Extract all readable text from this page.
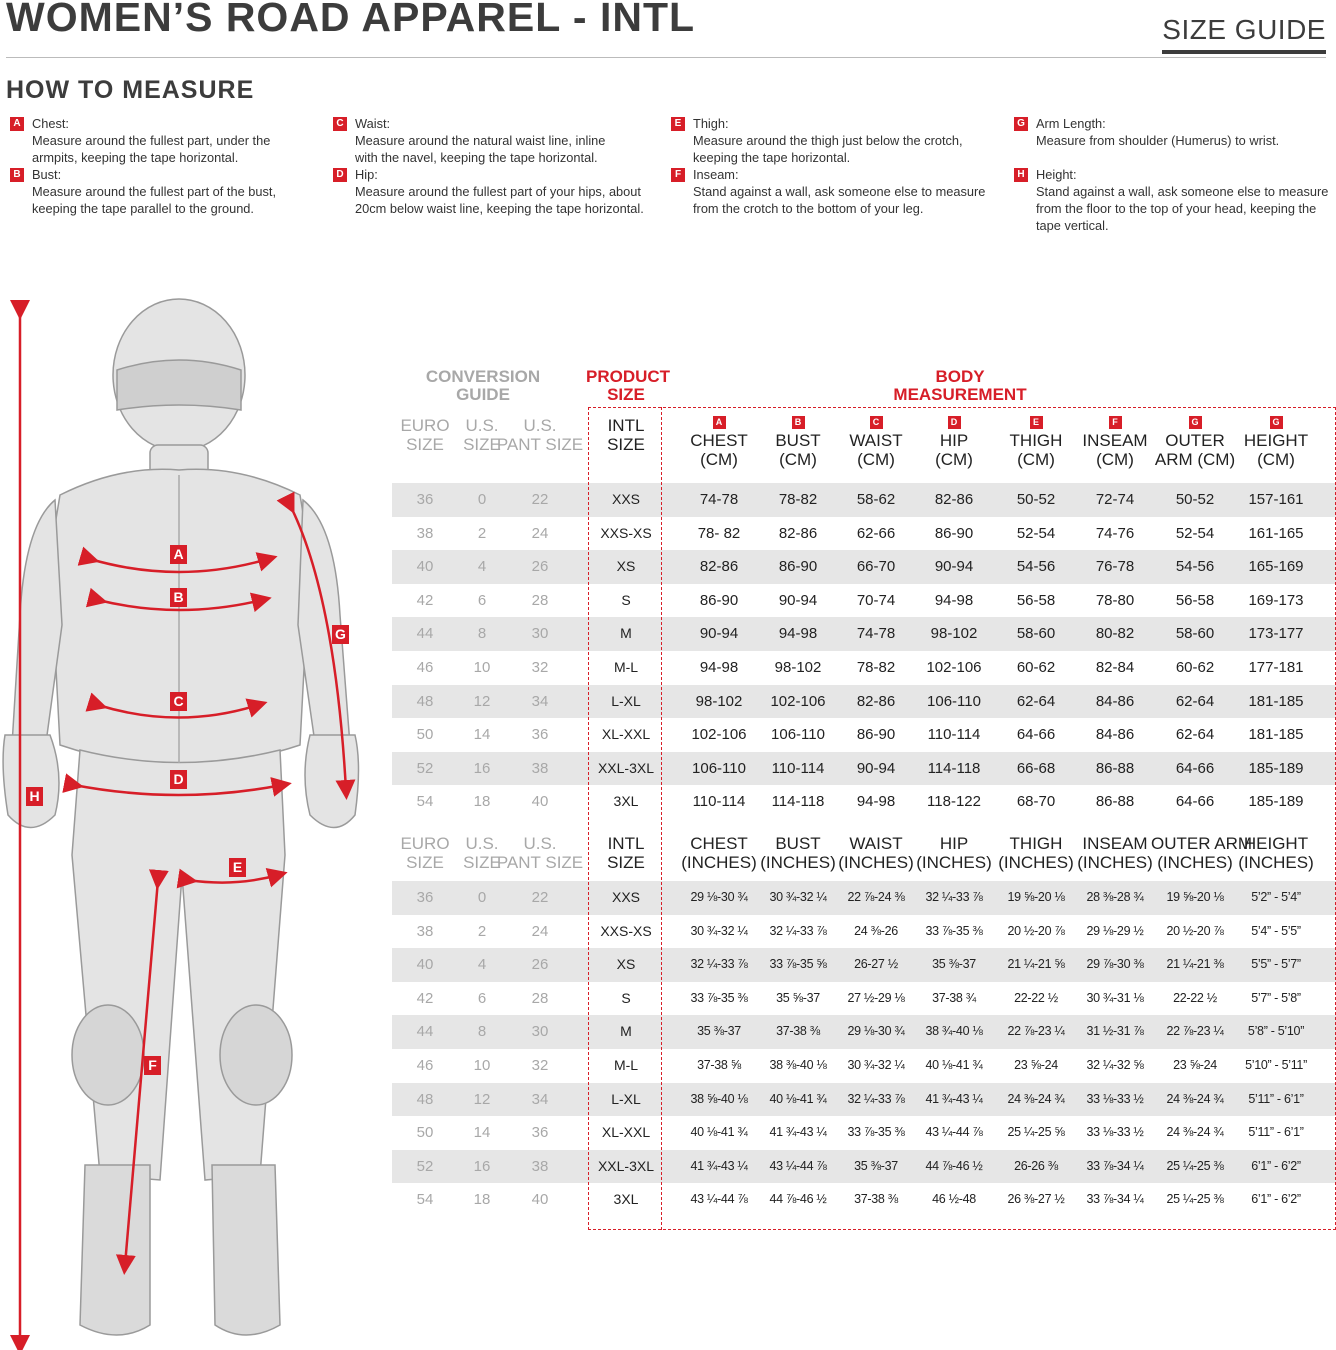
WOMEN’S ROAD APPAREL - INTL	SIZE GUIDE
HOW TO MEASURE
A Chest:
Measure around the fullest part, under the
armpits, keeping the tape horizontal.
B Bust:
Measure around the fullest part of the bust,
keeping the tape parallel to the ground.
C Waist:
Measure around the natural waist line, inline
with the navel, keeping the tape horizontal.
D Hip:
Measure around the fullest part of your hips, about
20cm below waist line, keeping the tape horizontal.
E Thigh:
Measure around the thigh just below the crotch,
keeping the tape horizontal.
F Inseam:
Stand against a wall, ask someone else to measure
from the crotch to the bottom of your leg.
G Arm Length:
Measure from shoulder (Humerus) to wrist.
H Height:
Stand against a wall, ask someone else to measure
from the floor to the top of your head, keeping the
tape vertical.
A
B
C
D
E
F
G
H
CONVERSION
GUIDE
PRODUCT
SIZE
BODY
MEASUREMENT
EURO
SIZE
U.S.
SIZE
U.S.
PANT SIZE
INTL
SIZE
A
CHEST
(CM)
B
BUST
(CM)
C
WAIST
(CM)
D
HIP
(CM)
E
THIGH
(CM)
F
INSEAM
(CM)
G
OUTER
ARM (CM)
G
HEIGHT
(CM)
36	0	22	XXS	74-78	78-82	58-62	82-86	50-52	72-74	50-52	157-161
38	2	24	XXS-XS	78- 82	82-86	62-66	86-90	52-54	74-76	52-54	161-165
40	4	26	XS	82-86	86-90	66-70	90-94	54-56	76-78	54-56	165-169
42	6	28	S	86-90	90-94	70-74	94-98	56-58	78-80	56-58	169-173
44	8	30	M	90-94	94-98	74-78	98-102	58-60	80-82	58-60	173-177
46	10	32	M-L	94-98	98-102	78-82	102-106	60-62	82-84	60-62	177-181
48	12	34	L-XL	98-102	102-106	82-86	106-110	62-64	84-86	62-64	181-185
50	14	36	XL-XXL	102-106	106-110	86-90	110-114	64-66	84-86	62-64	181-185
52	16	38	XXL-3XL	106-110	110-114	90-94	114-118	66-68	86-88	64-66	185-189
54	18	40	3XL	110-114	114-118	94-98	118-122	68-70	86-88	64-66	185-189
EURO
SIZE
U.S.
SIZE
U.S.
PANT SIZE
INTL
SIZE
CHEST
(INCHES)
BUST
(INCHES)
WAIST
(INCHES)
HIP
(INCHES)
THIGH
(INCHES)
INSEAM
(INCHES)
OUTER ARM
(INCHES)
HEIGHT
(INCHES)
36	0	22	XXS	29 ⅛-30 ¾	30 ¾-32 ¼	22 ⅞-24 ⅜	32 ¼-33 ⅞	19 ⅝-20 ⅛	28 ⅜-28 ¾	19 ⅝-20 ⅛	5’2” - 5’4”
38	2	24	XXS-XS	30 ¾-32 ¼	32 ¼-33 ⅞	24 ⅜-26	33 ⅞-35 ⅜	20 ½-20 ⅞	29 ⅛-29 ½	20 ½-20 ⅞	5’4” - 5’5”
40	4	26	XS	32 ¼-33 ⅞	33 ⅞-35 ⅝	26-27 ½	35 ⅜-37	21 ¼-21 ⅝	29 ⅞-30 ⅜	21 ¼-21 ⅜	5’5” - 5’7”
42	6	28	S	33 ⅞-35 ⅜	35 ⅝-37	27 ½-29 ⅛	37-38 ¾	22-22 ½	30 ¾-31 ⅛	22-22 ½	5’7” - 5’8”
44	8	30	M	35 ⅜-37	37-38 ⅜	29 ⅛-30 ¾	38 ¾-40 ⅛	22 ⅞-23 ¼	31 ½-31 ⅞	22 ⅞-23 ¼	5’8” - 5’10”
46	10	32	M-L	37-38 ⅝	38 ⅜-40 ⅛	30 ¾-32 ¼	40 ⅛-41 ¾	23 ⅝-24	32 ¼-32 ⅝	23 ⅝-24	5’10” - 5’11”
48	12	34	L-XL	38 ⅝-40 ⅛	40 ⅛-41 ¾	32 ¼-33 ⅞	41 ¾-43 ¼	24 ⅜-24 ¾	33 ⅛-33 ½	24 ⅜-24 ¾	5’11” - 6’1”
50	14	36	XL-XXL	40 ⅛-41 ¾	41 ¾-43 ¼	33 ⅞-35 ⅜	43 ¼-44 ⅞	25 ¼-25 ⅝	33 ⅛-33 ½	24 ⅜-24 ¾	5’11” - 6’1”
52	16	38	XXL-3XL	41 ¾-43 ¼	43 ¼-44 ⅞	35 ⅜-37	44 ⅞-46 ½	26-26 ⅜	33 ⅞-34 ¼	25 ¼-25 ⅜	6’1” - 6’2”
54	18	40	3XL	43 ¼-44 ⅞	44 ⅞-46 ½	37-38 ⅜	46 ½-48	26 ⅜-27 ½	33 ⅞-34 ¼	25 ¼-25 ⅜	6’1” - 6’2”
